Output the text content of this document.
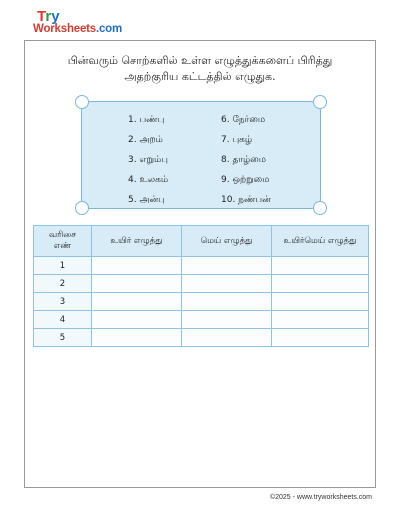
Try
Worksheets.com
பின்வரும் சொற்களில் உள்ள எழுத்துக்களைப் பிரித்து
அதற்குரிய கட்டத்தில் எழுதுக.
1. பண்பு
2. அறம்
3. எறும்பு
4. உலகம்
5. அன்பு
6. நேர்மை
7. புகழ்
8. தாழ்மை
9. ஒற்றுமை
10. நண்பன்
வரிசை எண்	உயிர் எழுத்து	மெய் எழுத்து	உயிர்மெய் எழுத்து
1			
2			
3			
4			
5			
©2025 - www.tryworksheets.com
